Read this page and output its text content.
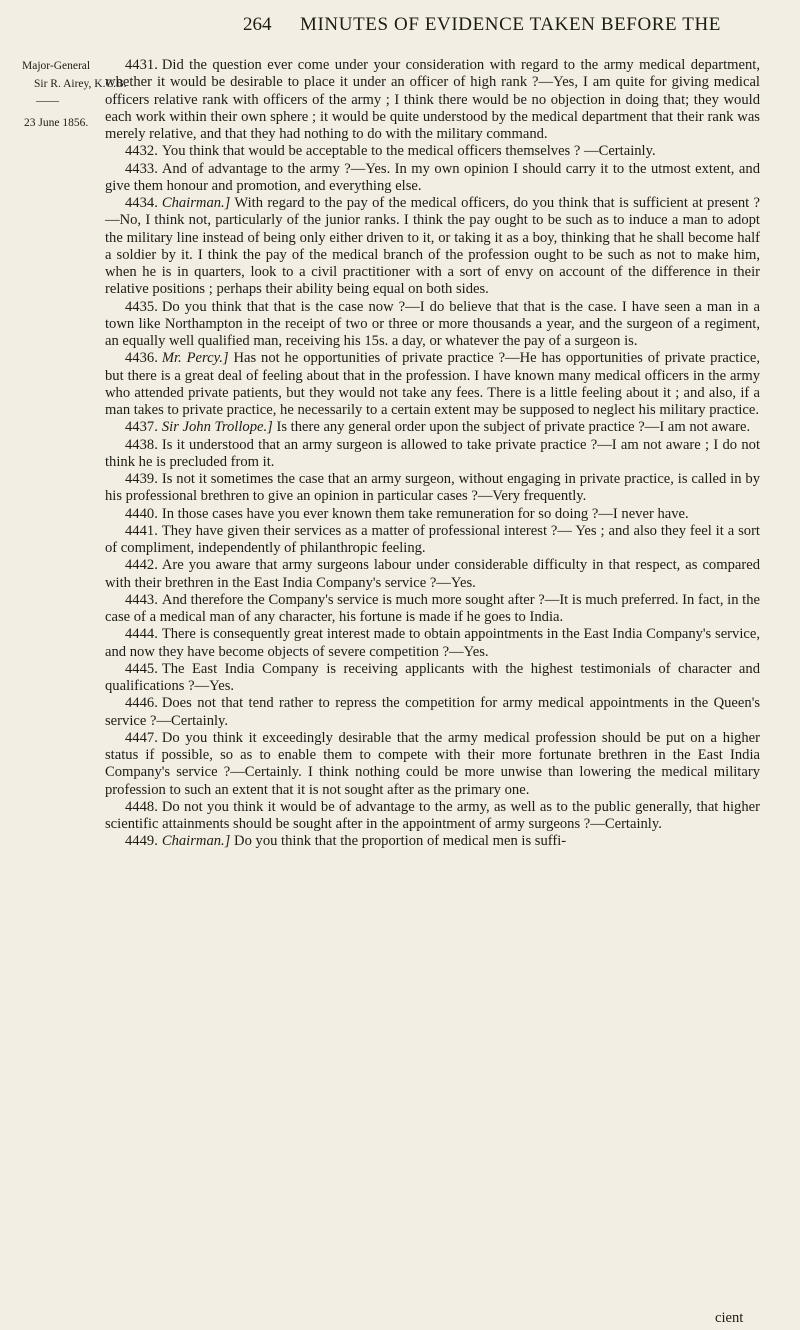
264 MINUTES OF EVIDENCE TAKEN BEFORE THE
Major-General
Sir R. Airey, K.C.B.
——
23 June 1856.

4431. Did the question ever come under your consideration with regard to the army medical department, whether it would be desirable to place it under an officer of high rank ?—Yes, I am quite for giving medical officers relative rank with officers of the army ; I think there would be no objection in doing that; they would each work within their own sphere ; it would be quite understood by the medical department that their rank was merely relative, and that they had nothing to do with the military command.

4432. You think that would be acceptable to the medical officers themselves ? —Certainly.

4433. And of advantage to the army ?—Yes. In my own opinion I should carry it to the utmost extent, and give them honour and promotion, and everything else.

4434. Chairman.] With regard to the pay of the medical officers, do you think that is sufficient at present ?—No, I think not, particularly of the junior ranks. I think the pay ought to be such as to induce a man to adopt the military line instead of being only either driven to it, or taking it as a boy, thinking that he shall become half a soldier by it. I think the pay of the medical branch of the profession ought to be such as not to make him, when he is in quarters, look to a civil practitioner with a sort of envy on account of the difference in their relative positions ; perhaps their ability being equal on both sides.

4435. Do you think that that is the case now ?—I do believe that that is the case. I have seen a man in a town like Northampton in the receipt of two or three or more thousands a year, and the surgeon of a regiment, an equally well qualified man, receiving his 15s. a day, or whatever the pay of a surgeon is.

4436. Mr. Percy.] Has not he opportunities of private practice ?—He has opportunities of private practice, but there is a great deal of feeling about that in the profession. I have known many medical officers in the army who attended private patients, but they would not take any fees. There is a little feeling about it ; and also, if a man takes to private practice, he necessarily to a certain extent may be supposed to neglect his military practice.

4437. Sir John Trollope.] Is there any general order upon the subject of private practice ?—I am not aware.

4438. Is it understood that an army surgeon is allowed to take private practice ?—I am not aware ; I do not think he is precluded from it.

4439. Is not it sometimes the case that an army surgeon, without engaging in private practice, is called in by his professional brethren to give an opinion in particular cases ?—Very frequently.

4440. In those cases have you ever known them take remuneration for so doing ?—I never have.

4441. They have given their services as a matter of professional interest ?— Yes ; and also they feel it a sort of compliment, independently of philanthropic feeling.

4442. Are you aware that army surgeons labour under considerable difficulty in that respect, as compared with their brethren in the East India Company's service ?—Yes.

4443. And therefore the Company's service is much more sought after ?—It is much preferred. In fact, in the case of a medical man of any character, his fortune is made if he goes to India.

4444. There is consequently great interest made to obtain appointments in the East India Company's service, and now they have become objects of severe competition ?—Yes.

4445. The East India Company is receiving applicants with the highest testimonials of character and qualifications ?—Yes.

4446. Does not that tend rather to repress the competition for army medical appointments in the Queen's service ?—Certainly.

4447. Do you think it exceedingly desirable that the army medical profession should be put on a higher status if possible, so as to enable them to compete with their more fortunate brethren in the East India Company's service ?—Certainly. I think nothing could be more unwise than lowering the medical military profession to such an extent that it is not sought after as the primary one.

4448. Do not you think it would be of advantage to the army, as well as to the public generally, that higher scientific attainments should be sought after in the appointment of army surgeons ?—Certainly.

4449. Chairman.] Do you think that the proportion of medical men is suffi-

cient
